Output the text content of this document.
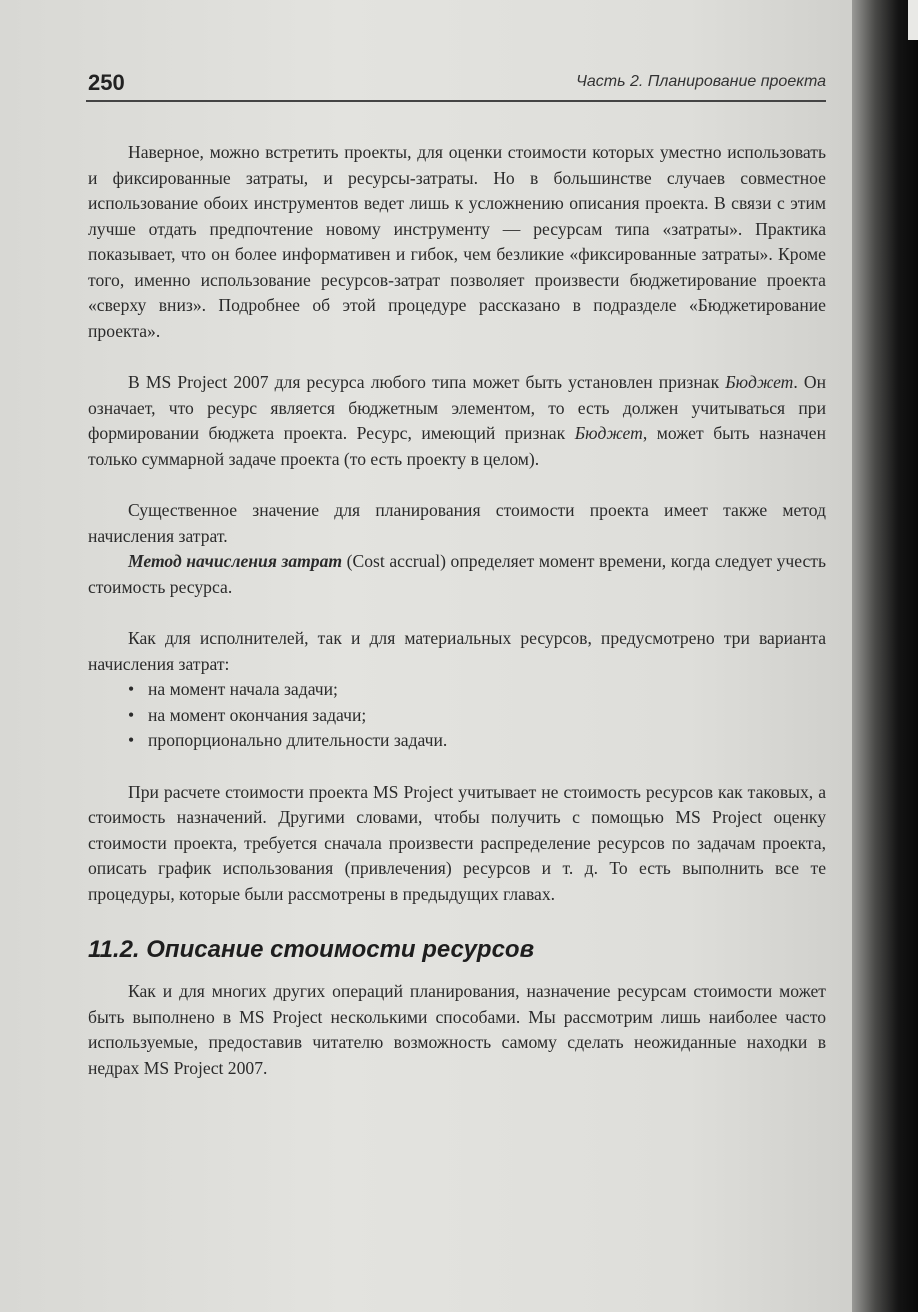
250	Часть 2. Планирование проекта

Наверное, можно встретить проекты, для оценки стоимости которых уместно использовать и фиксированные затраты, и ресурсы-затраты. Но в большинстве случаев совместное использование обоих инструментов ведет лишь к усложнению описания проекта. В связи с этим лучше отдать предпочтение новому инструменту — ресурсам типа «затраты». Практика показывает, что он более информативен и гибок, чем безликие «фиксированные затраты». Кроме того, именно использование ресурсов-затрат позволяет произвести бюджетирование проекта «сверху вниз». Подробнее об этой процедуре рассказано в подразделе «Бюджетирование проекта».

В MS Project 2007 для ресурса любого типа может быть установлен признак Бюджет. Он означает, что ресурс является бюджетным элементом, то есть должен учитываться при формировании бюджета проекта. Ресурс, имеющий признак Бюджет, может быть назначен только суммарной задаче проекта (то есть проекту в целом).

Существенное значение для планирования стоимости проекта имеет также метод начисления затрат.

Метод начисления затрат (Cost accrual) определяет момент времени, когда следует учесть стоимость ресурса.

Как для исполнителей, так и для материальных ресурсов, предусмотрено три варианта начисления затрат:

• на момент начала задачи;
• на момент окончания задачи;
• пропорционально длительности задачи.

При расчете стоимости проекта MS Project учитывает не стоимость ресурсов как таковых, а стоимость назначений. Другими словами, чтобы получить с помощью MS Project оценку стоимости проекта, требуется сначала произвести распределение ресурсов по задачам проекта, описать график использования (привлечения) ресурсов и т. д. То есть выполнить все те процедуры, которые были рассмотрены в предыдущих главах.

11.2. Описание стоимости ресурсов

Как и для многих других операций планирования, назначение ресурсам стоимости может быть выполнено в MS Project несколькими способами. Мы рассмотрим лишь наиболее часто используемые, предоставив читателю возможность самому сделать неожиданные находки в недрах MS Project 2007.
